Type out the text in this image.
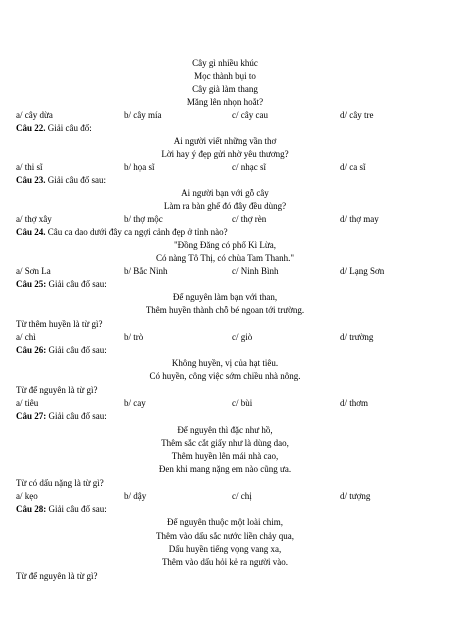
Cây gì nhiều khúc
Mọc thành bụi to
Cây già làm thang
Măng lên nhọn hoắt?
a/ cây dừa	b/ cây mía	c/ cây cau	d/ cây tre
Câu 22. Giải câu đố:
Ai người viết những vần thơ
Lời hay ý đẹp gửi nhờ yêu thương?
a/ thi sĩ	b/ họa sĩ	c/ nhạc sĩ	d/ ca sĩ
Câu 23. Giải câu đố sau:
Ai người bạn với gỗ cây
Làm ra bàn ghế đó đây đều dùng?
a/ thợ xây	b/ thợ mộc	c/ thợ rèn	d/ thợ may
Câu 24. Câu ca dao dưới đây ca ngợi cảnh đẹp ở tỉnh nào?
"Đồng Đăng có phố Kì Lừa,
Có nàng Tô Thị, có chùa Tam Thanh."
a/ Sơn La	b/ Bắc Ninh	c/ Ninh Bình	d/ Lạng Sơn
Câu 25: Giải câu đố sau:
Để nguyên làm bạn với than,
Thêm huyền thành chỗ bé ngoan tới trường.
Từ thêm huyền là từ gì?
a/ chì	b/ trò	c/ giò	d/ trường
Câu 26: Giải câu đố sau:
Không huyền, vị của hạt tiêu.
Có huyền, công việc sớm chiều nhà nông.
Từ để nguyên là từ gì?
a/ tiêu	b/ cay	c/ bùi	d/ thơm
Câu 27: Giải câu đố sau:
Để nguyên thì đặc như hồ,
Thêm sắc cắt giấy như là dùng dao,
Thêm huyền lên mái nhà cao,
Đen khi mang nặng em nào cũng ưa.
Từ có dấu nặng là từ gì?
a/ kẹo	b/ dậy	c/ chị	d/ tượng
Câu 28: Giải câu đố sau:
Để nguyên thuộc một loài chim,
Thêm vào dấu sắc nước liền chảy qua,
Dấu huyền tiếng vọng vang xa,
Thêm vào dấu hỏi kẻ ra người vào.
Từ để nguyên là từ gì?
